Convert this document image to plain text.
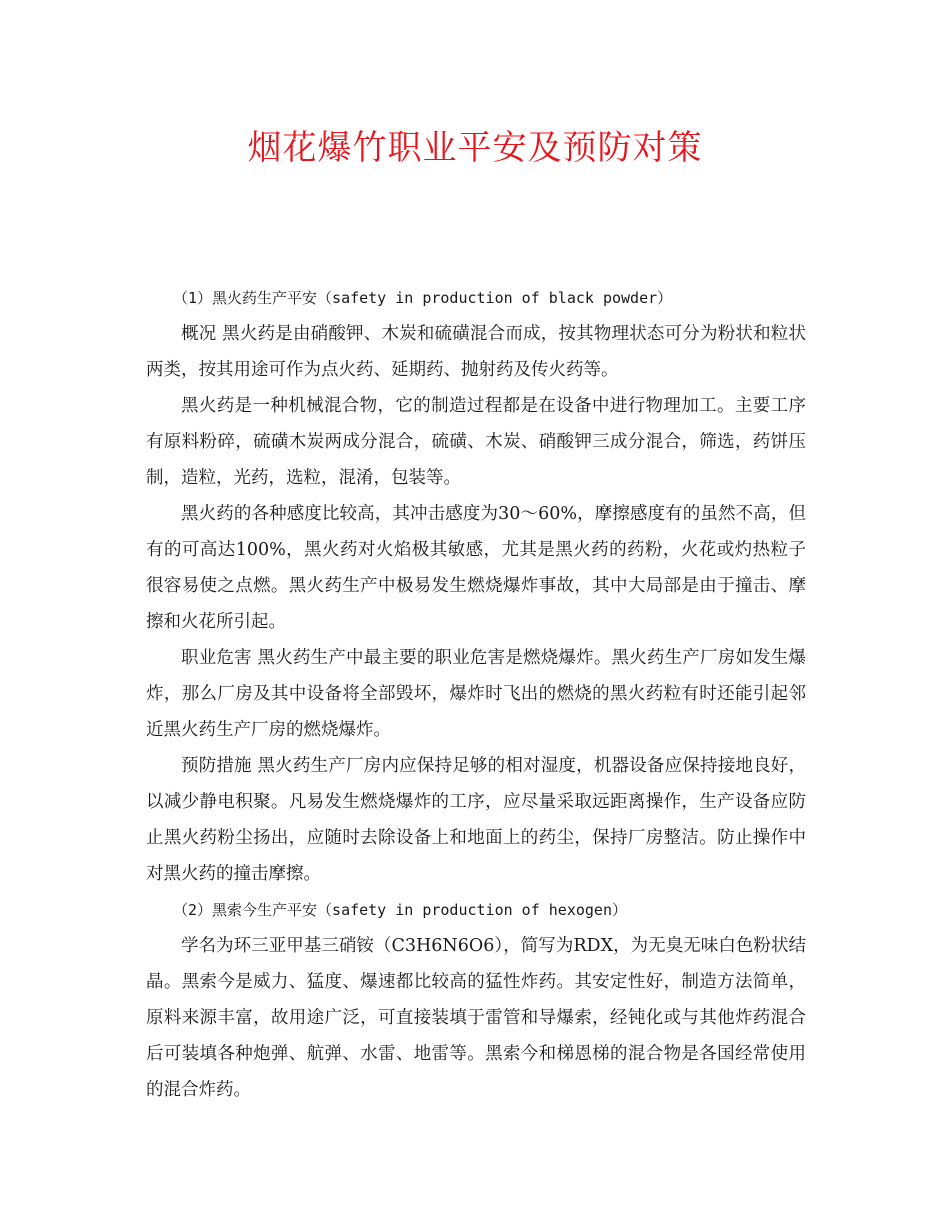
烟花爆竹职业平安及预防对策

（1）黑火药生产平安（safety in production of black powder）

概况 黑火药是由硝酸钾、木炭和硫磺混合而成，按其物理状态可分为粉状和粒状两类，按其用途可作为点火药、延期药、抛射药及传火药等。

黑火药是一种机械混合物，它的制造过程都是在设备中进行物理加工。主要工序有原料粉碎，硫磺木炭两成分混合，硫磺、木炭、硝酸钾三成分混合，筛选，药饼压制，造粒，光药，选粒，混淆，包装等。

黑火药的各种感度比较高，其冲击感度为30～60%，摩擦感度有的虽然不高，但有的可高达100%，黑火药对火焰极其敏感，尤其是黑火药的药粉，火花或灼热粒子很容易使之点燃。黑火药生产中极易发生燃烧爆炸事故，其中大局部是由于撞击、摩擦和火花所引起。

职业危害 黑火药生产中最主要的职业危害是燃烧爆炸。黑火药生产厂房如发生爆炸，那么厂房及其中设备将全部毁坏，爆炸时飞出的燃烧的黑火药粒有时还能引起邻近黑火药生产厂房的燃烧爆炸。

预防措施 黑火药生产厂房内应保持足够的相对湿度，机器设备应保持接地良好，以减少静电积聚。凡易发生燃烧爆炸的工序，应尽量采取远距离操作，生产设备应防止黑火药粉尘扬出，应随时去除设备上和地面上的药尘，保持厂房整洁。防止操作中对黑火药的撞击摩擦。

（2）黑索今生产平安（safety in production of hexogen）

学名为环三亚甲基三硝铵（C3H6N6O6），简写为RDX，为无臭无味白色粉状结晶。黑索今是威力、猛度、爆速都比较高的猛性炸药。其安定性好，制造方法简单，原料来源丰富，故用途广泛，可直接装填于雷管和导爆索，经钝化或与其他炸药混合后可装填各种炮弹、航弹、水雷、地雷等。黑索今和梯恩梯的混合物是各国经常使用的混合炸药。
